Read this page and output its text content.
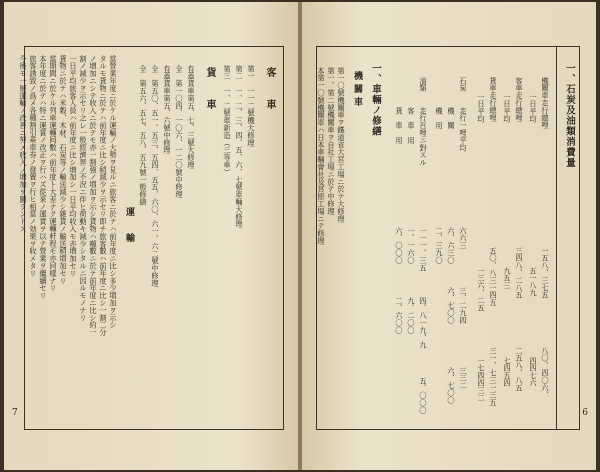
客　車
第一　一一二號機大修理
第二　一、二、三、四、五、六、七號車輛大修理
第三　一、二號車新造（三等車）
貨　車
有蓋貨車第五、七、三號大修理
全　第一〇四、一〇六、一二〇號中修理
有蓋貨車第五、六號中修理
全　第五〇、五一、五三、五四、五五、六〇、六一、六二號中修理
全　第五六、五七、五八、五九號一般修繕
運　輸
當營業年度ニ於ケル運輸ノ大勢ヲ見ルニ旅客ニ於テハ前年度ニ比シ多少増加ヲ示シ
タルモ貨物ニ於テハ前年度ニ比シ稍減少ヲ示セリ即チ旅客數ハ前年度ニ比シ一割二分
ノ増加ニシテ收入ニ於テモ亦一割強ノ増加ヲ示シ貨物ハ噸數ニ於テ前年度ニ比シ約一
割ノ減少ヲ示セリ之レ一般經濟界ノ不況ニ伴ヒ荷動キ減少シタルニ因ルモノナリ
一日平均旅客人員ハ前年度ニ比シ増加シ一日平均收入モ亦増加セリ
貨物ニ於テハ米穀、木材、石炭等ノ輸送減少シ雜貨ノ輸送稍増加セリ
當期間ニ於ケル列車運轉囘數ハ前年度ト大差ナク運轉粁程モ亦同樣ナリ
本年度ニ於テハ特ニ運賃ノ改正ヲ行ハズ從來ノ運賃ヲ以テ營業ヲ繼續セリ
旅客誘致ノ爲メ各種割引乘車券ノ發賣ヲ行ヒ相當ノ効果ヲ收メタリ
今後モ一層運輸ノ改善ニ努メ收入ノ増加ヲ圖ラントス
7
一、石炭及油類消費量
機關車走行總哩
一五八、三七五
八〇、四〇六、
一日平均
五一八九
四四七六
客車走行總哩
三四八、二八五
二五八、八五
一日平均
九五三
七四五四
貨車走行總哩
五〇、八三一四五
三一、七三一三五
一日平均
一三六、二五
一七四四三二
石炭
走行一哩平均
六六三
三、二九四
三三二
機　關
六、六三〇
六、七〇〇
六、七〇〇
機　用
二、三九〇
油類
走行百哩ニ對スル
一一一、三五
四、八一九、九
五、〇〇〇
客　車　用
一、一六〇
九、二〇〇
貨　車　用
六、〇〇〇
二、六〇〇
一、車輛ノ修繕
機關車
第一〇號機關車ヲ鐵道省大宮工場ニ於テ大修理
第一、第二號機關車ヲ自社工場ニ於テ中修理
本第一〇號機關車ハ日本車輛會社及宮原工場ニテ修理
6
